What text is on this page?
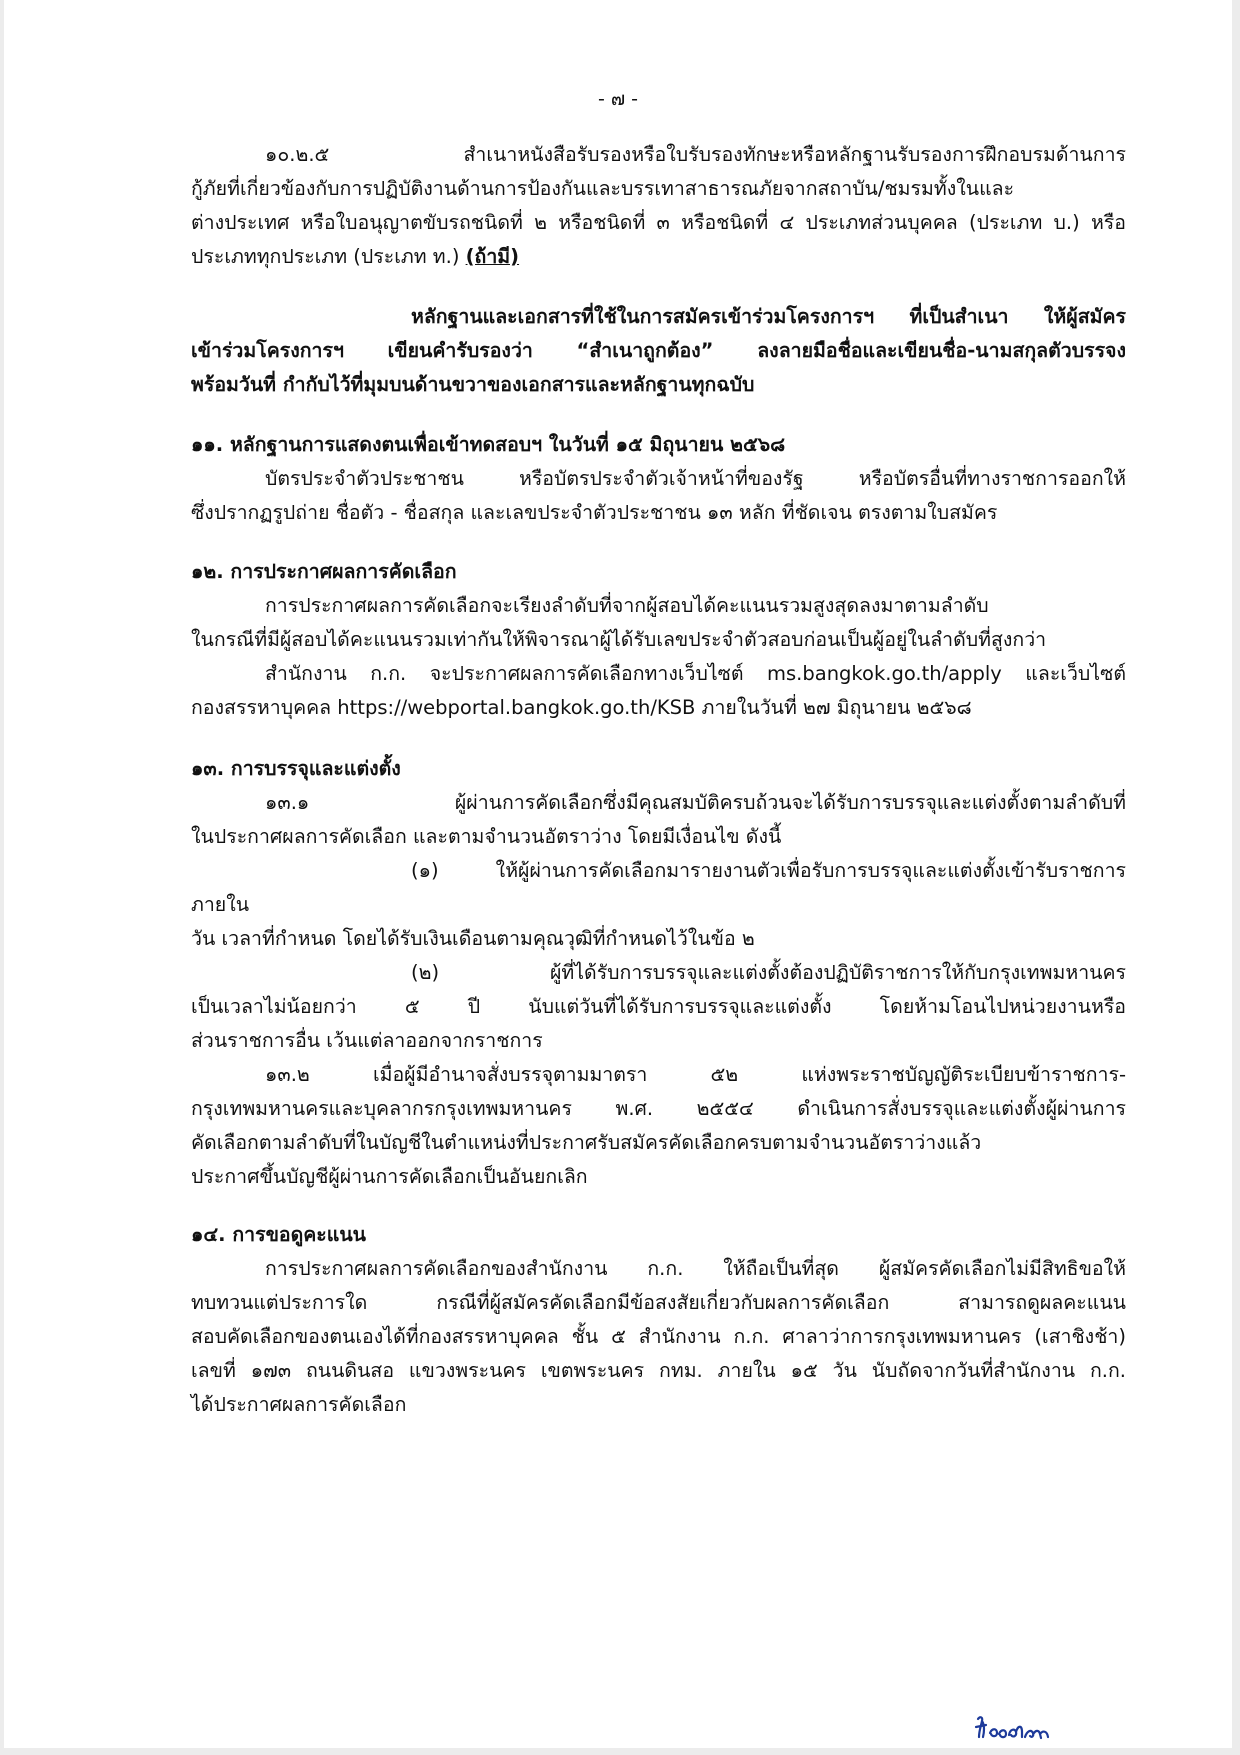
- ๗ -

๑๐.๒.๕ สำเนาหนังสือรับรองหรือใบรับรองทักษะหรือหลักฐานรับรองการฝึกอบรมด้านการ

กู้ภัยที่เกี่ยวข้องกับการปฏิบัติงานด้านการป้องกันและบรรเทาสาธารณภัยจากสถาบัน/ชมรมทั้งในและ

ต่างประเทศ หรือใบอนุญาตขับรถชนิดที่ ๒ หรือชนิดที่ ๓ หรือชนิดที่ ๔ ประเภทส่วนบุคคล (ประเภท บ.) หรือ

ประเภททุกประเภท (ประเภท ท.) (ถ้ามี)

หลักฐานและเอกสารที่ใช้ในการสมัครเข้าร่วมโครงการฯ ที่เป็นสำเนา ให้ผู้สมัคร

เข้าร่วมโครงการฯ เขียนคำรับรองว่า “สำเนาถูกต้อง” ลงลายมือชื่อและเขียนชื่อ-นามสกุลตัวบรรจง

พร้อมวันที่ กำกับไว้ที่มุมบนด้านขวาของเอกสารและหลักฐานทุกฉบับ

๑๑. หลักฐานการแสดงตนเพื่อเข้าทดสอบฯ ในวันที่ ๑๕ มิถุนายน ๒๕๖๘

บัตรประจำตัวประชาชน หรือบัตรประจำตัวเจ้าหน้าที่ของรัฐ หรือบัตรอื่นที่ทางราชการออกให้

ซึ่งปรากฏรูปถ่าย ชื่อตัว - ชื่อสกุล และเลขประจำตัวประชาชน ๑๓ หลัก ที่ชัดเจน ตรงตามใบสมัคร

๑๒. การประกาศผลการคัดเลือก

การประกาศผลการคัดเลือกจะเรียงลำดับที่จากผู้สอบได้คะแนนรวมสูงสุดลงมาตามลำดับ

ในกรณีที่มีผู้สอบได้คะแนนรวมเท่ากันให้พิจารณาผู้ได้รับเลขประจำตัวสอบก่อนเป็นผู้อยู่ในลำดับที่สูงกว่า

สำนักงาน ก.ก. จะประกาศผลการคัดเลือกทางเว็บไซต์ ms.bangkok.go.th/apply และเว็บไซต์

กองสรรหาบุคคล https://webportal.bangkok.go.th/KSB ภายในวันที่ ๒๗ มิถุนายน ๒๕๖๘

๑๓. การบรรจุและแต่งตั้ง

๑๓.๑ ผู้ผ่านการคัดเลือกซึ่งมีคุณสมบัติครบถ้วนจะได้รับการบรรจุและแต่งตั้งตามลำดับที่

ในประกาศผลการคัดเลือก และตามจำนวนอัตราว่าง โดยมีเงื่อนไข ดังนี้

(๑) ให้ผู้ผ่านการคัดเลือกมารายงานตัวเพื่อรับการบรรจุและแต่งตั้งเข้ารับราชการภายใน

วัน เวลาที่กำหนด โดยได้รับเงินเดือนตามคุณวุฒิที่กำหนดไว้ในข้อ ๒

(๒) ผู้ที่ได้รับการบรรจุและแต่งตั้งต้องปฏิบัติราชการให้กับกรุงเทพมหานคร

เป็นเวลาไม่น้อยกว่า ๕ ปี นับแต่วันที่ได้รับการบรรจุและแต่งตั้ง โดยห้ามโอนไปหน่วยงานหรือ

ส่วนราชการอื่น เว้นแต่ลาออกจากราชการ

๑๓.๒ เมื่อผู้มีอำนาจสั่งบรรจุตามมาตรา ๕๒ แห่งพระราชบัญญัติระเบียบข้าราชการ-

กรุงเทพมหานครและบุคลากรกรุงเทพมหานคร พ.ศ. ๒๕๕๔ ดำเนินการสั่งบรรจุและแต่งตั้งผู้ผ่านการ

คัดเลือกตามลำดับที่ในบัญชีในตำแหน่งที่ประกาศรับสมัครคัดเลือกครบตามจำนวนอัตราว่างแล้ว

ประกาศขึ้นบัญชีผู้ผ่านการคัดเลือกเป็นอันยกเลิก

๑๔. การขอดูคะแนน

การประกาศผลการคัดเลือกของสำนักงาน ก.ก. ให้ถือเป็นที่สุด ผู้สมัครคัดเลือกไม่มีสิทธิขอให้

ทบทวนแต่ประการใด กรณีที่ผู้สมัครคัดเลือกมีข้อสงสัยเกี่ยวกับผลการคัดเลือก สามารถดูผลคะแนน

สอบคัดเลือกของตนเองได้ที่กองสรรหาบุคคล ชั้น ๕ สำนักงาน ก.ก. ศาลาว่าการกรุงเทพมหานคร (เสาชิงช้า)

เลขที่ ๑๗๓ ถนนดินสอ แขวงพระนคร เขตพระนคร กทม. ภายใน ๑๕ วัน นับถัดจากวันที่สำนักงาน ก.ก.

ได้ประกาศผลการคัดเลือก
